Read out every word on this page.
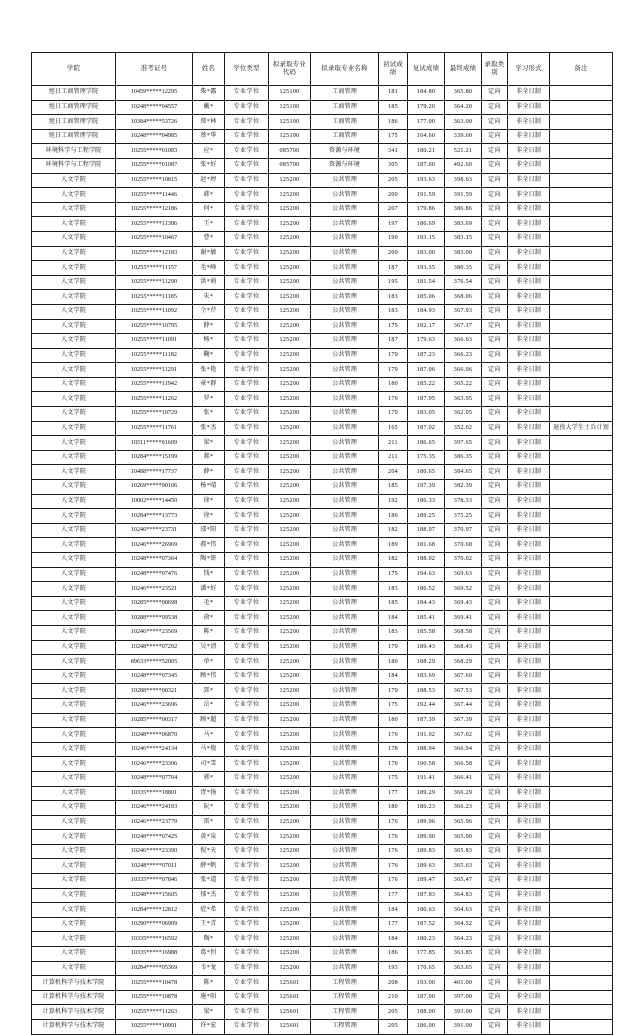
学院	准考证号	姓名	学位类型	拟录取专业代码	拟录取专业名称	初试成绩	复试成绩	最终成绩	录取类别	学习形式	备注
旭日工商管理学院	10459*****12295	柴*露	专业学位	125100	工商管理	181	184.80	365.80	定向	非全日制	
旭日工商管理学院	10248*****04557	戴*	专业学位	125100	工商管理	185	179.20	364.20	定向	非全日制	
旭日工商管理学院	10384*****53726	郑*林	专业学位	125100	工商管理	186	177.00	363.00	定向	非全日制	
旭日工商管理学院	10248*****04985	蔡*华	专业学位	125100	工商管理	175	164.60	339.60	定向	非全日制	
环境科学与工程学院	10255*****01083	应*	专业学位	085700	资源与环境	341	180.21	521.21	定向	非全日制	
环境科学与工程学院	10255*****01087	张*好	专业学位	085700	资源与环境	305	187.60	492.60	定向	非全日制	
人文学院	10255*****10815	赵*婷	专业学位	125200	公共管理	205	193.63	398.63	定向	非全日制	
人文学院	10255*****11446	韩*	专业学位	125200	公共管理	200	191.59	391.59	定向	非全日制	
人文学院	10255*****12186	何*	专业学位	125200	公共管理	207	179.86	386.86	定向	非全日制	
人文学院	10255*****11386	王*	专业学位	125200	公共管理	197	186.69	383.69	定向	非全日制	
人文学院	10255*****10467	曹*	专业学位	125200	公共管理	190	193.15	383.15	定向	非全日制	
人文学院	10255*****12183	谢*敏	专业学位	125200	公共管理	200	183.00	383.00	定向	非全日制	
人文学院	10255*****11157	毛*峰	专业学位	125200	公共管理	187	193.35	380.35	定向	非全日制	
人文学院	10255*****11290	洪*萌	专业学位	125200	公共管理	195	181.54	376.54	定向	非全日制	
人文学院	10255*****11185	朱*	专业学位	125200	公共管理	183	185.06	368.06	定向	非全日制	
人文学院	10255*****11092	仝*芹	专业学位	125200	公共管理	183	184.93	367.93	定向	非全日制	
人文学院	10255*****10795	薛*	专业学位	125200	公共管理	175	192.17	367.17	定向	非全日制	
人文学院	10255*****11091	杨*	专业学位	125200	公共管理	187	179.63	366.63	定向	非全日制	
人文学院	10255*****11182	鞠*	专业学位	125200	公共管理	179	187.23	366.23	定向	非全日制	
人文学院	10255*****11291	张*艳	专业学位	125200	公共管理	179	187.06	366.06	定向	非全日制	
人文学院	10255*****11942	章*群	专业学位	125200	公共管理	180	185.22	365.22	定向	非全日制	
人文学院	10255*****11262	罗*	专业学位	125200	公共管理	176	187.95	363.95	定向	非全日制	
人文学院	10255*****10729	张*	专业学位	125200	公共管理	179	183.05	362.05	定向	非全日制	
人文学院	10255*****11761	张*杰	专业学位	125200	公共管理	165	187.02	352.02	定向	非全日制	退役大学生士兵计划
人文学院	10511*****01609	梁*	专业学位	125200	公共管理	211	186.65	397.65	定向	非全日制	
人文学院	10284*****15199	郝*	专业学位	125200	公共管理	211	175.35	386.35	定向	非全日制	
人文学院	10488*****17737	薛*	专业学位	125200	公共管理	204	180.65	384.65	定向	非全日制	
人文学院	10269*****90106	杨*晴	专业学位	125200	公共管理	185	197.39	382.39	定向	非全日制	
人文学院	10002*****14450	徐*	专业学位	125200	公共管理	192	186.33	378.33	定向	非全日制	
人文学院	10284*****13773	徐*	专业学位	125200	公共管理	186	189.25	375.25	定向	非全日制	
人文学院	10246*****23731	邵*阳	专业学位	125200	公共管理	182	188.97	370.97	定向	非全日制	
人文学院	10246*****26969	郝*伟	专业学位	125200	公共管理	189	181.68	370.68	定向	非全日制	
人文学院	10248*****07364	陶*妍	专业学位	125200	公共管理	182	188.02	370.02	定向	非全日制	
人文学院	10248*****07476	钱*	专业学位	125200	公共管理	175	194.63	369.63	定向	非全日制	
人文学院	10246*****23521	潘*好	专业学位	125200	公共管理	183	186.52	369.52	定向	非全日制	
人文学院	10285*****00698	毛*	专业学位	125200	公共管理	185	184.43	369.43	定向	非全日制	
人文学院	10288*****09538	俞*	专业学位	125200	公共管理	184	185.41	369.41	定向	非全日制	
人文学院	10246*****23569	陈*	专业学位	125200	公共管理	183	185.58	368.58	定向	非全日制	
人文学院	10248*****07292	吴*清	专业学位	125200	公共管理	179	189.43	368.43	定向	非全日制	
人文学院	89633*****52005	单*	专业学位	125200	公共管理	180	188.29	368.29	定向	非全日制	
人文学院	10248*****07345	顾*伟	专业学位	125200	公共管理	184	183.69	367.69	定向	非全日制	
人文学院	10288*****00321	郢*	专业学位	125200	公共管理	179	188.53	367.53	定向	非全日制	
人文学院	10246*****23696	岳*	专业学位	125200	公共管理	175	192.44	367.44	定向	非全日制	
人文学院	10285*****00317	顾*超	专业学位	125200	公共管理	180	187.39	367.39	定向	非全日制	
人文学院	10248*****06870	马*	专业学位	125200	公共管理	176	191.02	367.02	定向	非全日制	
人文学院	10246*****24134	马*俊	专业学位	125200	公共管理	178	188.94	366.94	定向	非全日制	
人文学院	10246*****23306	司*雪	专业学位	125200	公共管理	176	190.58	366.58	定向	非全日制	
人文学院	10248*****07704	郭*	专业学位	125200	公共管理	175	191.41	366.41	定向	非全日制	
人文学院	10335*****18801	胥*扬	专业学位	125200	公共管理	177	189.29	366.29	定向	非全日制	
人文学院	10246*****24193	阮*	专业学位	125200	公共管理	180	186.23	366.23	定向	非全日制	
人文学院	10246*****23779	雷*	专业学位	125200	公共管理	176	189.96	365.96	定向	非全日制	
人文学院	10248*****07425	黄*泉	专业学位	125200	公共管理	176	189.90	365.90	定向	非全日制	
人文学院	10246*****23390	倪*天	专业学位	125200	公共管理	176	189.83	365.83	定向	非全日制	
人文学院	10248*****07011	薛*帆	专业学位	125200	公共管理	176	189.63	365.63	定向	非全日制	
人文学院	10335*****07846	张*道	专业学位	125200	公共管理	176	189.47	365.47	定向	非全日制	
人文学院	10248*****15605	郁*杰	专业学位	125200	公共管理	177	187.83	364.83	定向	非全日制	
人文学院	10284*****12812	症*希	专业学位	125200	公共管理	184	180.63	364.63	定向	非全日制	
人文学院	10290*****06909	王*青	专业学位	125200	公共管理	177	187.52	364.52	定向	非全日制	
人文学院	10335*****16592	陶*	专业学位	125200	公共管理	184	180.23	364.23	定向	非全日制	
人文学院	10335*****16988	葛*恒	专业学位	125200	公共管理	186	177.85	363.85	定向	非全日制	
人文学院	10284*****05369	韦*龙	专业学位	125200	公共管理	193	170.65	363.65	定向	非全日制	
计算机科学与技术学院	10255*****10478	陈*	专业学位	125601	工程管理	208	193.00	401.00	定向	非全日制	
计算机科学与技术学院	10255*****10878	施*阳	专业学位	125601	工程管理	210	187.00	397.00	定向	非全日制	
计算机科学与技术学院	10255*****11263	梁*	专业学位	125601	工程管理	205	188.00	393.00	定向	非全日制	
计算机科学与技术学院	10255*****10991	许*宏	专业学位	125601	工程管理	205	186.00	391.00	定向	非全日制	
